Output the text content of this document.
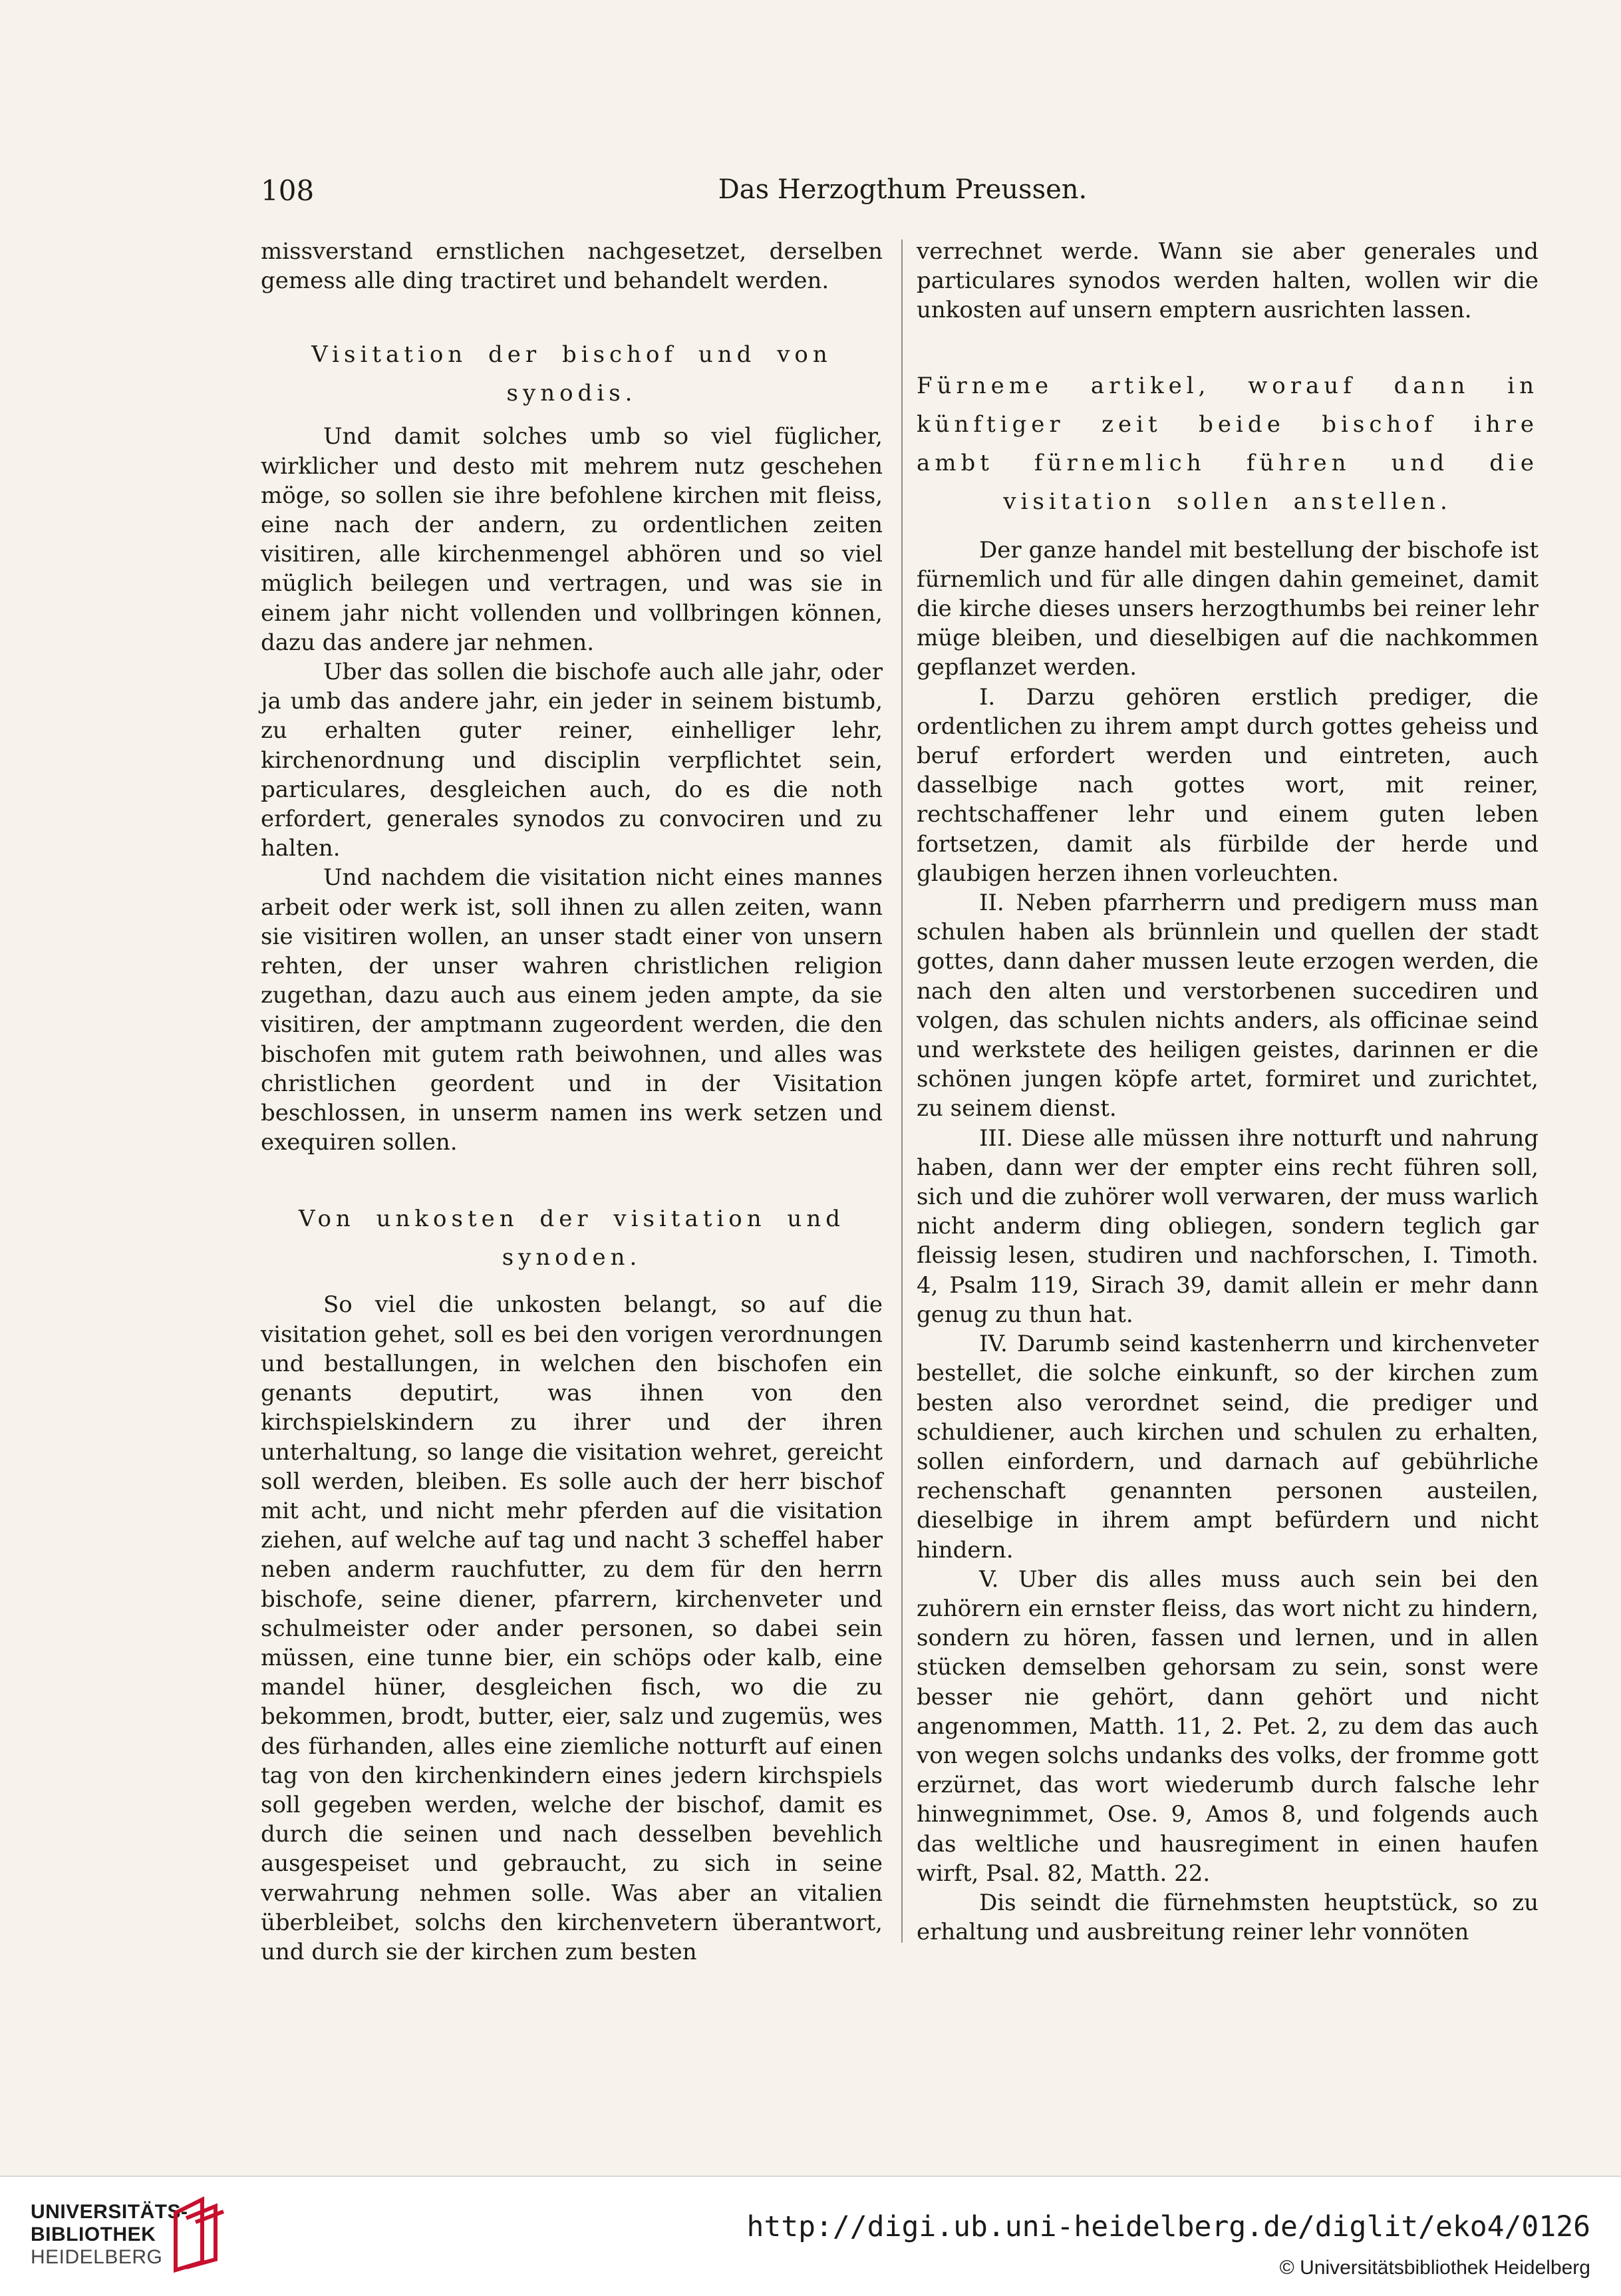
108	Das Herzogthum Preussen.

missverstand ernstlichen nachgesetzet, derselben gemess alle ding tractiret und behandelt werden.

Visitation der bischof und von synodis.

Und damit solches umb so viel füglicher, wirklicher und desto mit mehrem nutz geschehen möge, so sollen sie ihre befohlene kirchen mit fleiss, eine nach der andern, zu ordentlichen zeiten visitiren, alle kirchenmengel abhören und so viel müglich beilegen und vertragen, und was sie in einem jahr nicht vollenden und vollbringen können, dazu das andere jar nehmen.

Uber das sollen die bischofe auch alle jahr, oder ja umb das andere jahr, ein jeder in seinem bistumb, zu erhalten guter reiner, einhelliger lehr, kirchenordnung und disciplin verpflichtet sein, particulares, desgleichen auch, do es die noth erfordert, generales synodos zu convociren und zu halten.

Und nachdem die visitation nicht eines mannes arbeit oder werk ist, soll ihnen zu allen zeiten, wann sie visitiren wollen, an unser stadt einer von unsern rehten, der unser wahren christlichen religion zugethan, dazu auch aus einem jeden ampte, da sie visitiren, der amptmann zugeordent werden, die den bischofen mit gutem rath beiwohnen, und alles was christlichen geordent und in der Visitation beschlossen, in unserm namen ins werk setzen und exequiren sollen.

Von unkosten der visitation und synoden.

So viel die unkosten belangt, so auf die visitation gehet, soll es bei den vorigen verordnungen und bestallungen, in welchen den bischofen ein genants deputirt, was ihnen von den kirchspielskindern zu ihrer und der ihren unterhaltung, so lange die visitation wehret, gereicht soll werden, bleiben. Es solle auch der herr bischof mit acht, und nicht mehr pferden auf die visitation ziehen, auf welche auf tag und nacht 3 scheffel haber neben anderm rauchfutter, zu dem für den herrn bischofe, seine diener, pfarrern, kirchenveter und schulmeister oder ander personen, so dabei sein müssen, eine tunne bier, ein schöps oder kalb, eine mandel hüner, desgleichen fisch, wo die zu bekommen, brodt, butter, eier, salz und zugemüs, wes des fürhanden, alles eine ziemliche notturft auf einen tag von den kirchenkindern eines jedern kirchspiels soll gegeben werden, welche der bischof, damit es durch die seinen und nach desselben bevehlich ausgespeiset und gebraucht, zu sich in seine verwahrung nehmen solle. Was aber an vitalien überbleibet, solchs den kirchenvetern überantwort, und durch sie der kirchen zum besten

verrechnet werde. Wann sie aber generales und particulares synodos werden halten, wollen wir die unkosten auf unsern emptern ausrichten lassen.

Fürneme artikel, worauf dann in künftiger zeit beide bischof ihre ambt fürnemlich führen und die visitation sollen anstellen.

Der ganze handel mit bestellung der bischofe ist fürnemlich und für alle dingen dahin gemeinet, damit die kirche dieses unsers herzogthumbs bei reiner lehr müge bleiben, und dieselbigen auf die nachkommen gepflanzet werden.

I. Darzu gehören erstlich prediger, die ordentlichen zu ihrem ampt durch gottes geheiss und beruf erfordert werden und eintreten, auch dasselbige nach gottes wort, mit reiner, rechtschaffener lehr und einem guten leben fortsetzen, damit als fürbilde der herde und glaubigen herzen ihnen vorleuchten.

II. Neben pfarrherrn und predigern muss man schulen haben als brünnlein und quellen der stadt gottes, dann daher mussen leute erzogen werden, die nach den alten und verstorbenen succediren und volgen, das schulen nichts anders, als officinae seind und werkstete des heiligen geistes, darinnen er die schönen jungen köpfe artet, formiret und zurichtet, zu seinem dienst.

III. Diese alle müssen ihre notturft und nahrung haben, dann wer der empter eins recht führen soll, sich und die zuhörer woll verwaren, der muss warlich nicht anderm ding obliegen, sondern teglich gar fleissig lesen, studiren und nachforschen, I. Timoth. 4, Psalm 119, Sirach 39, damit allein er mehr dann genug zu thun hat.

IV. Darumb seind kastenherrn und kirchenveter bestellet, die solche einkunft, so der kirchen zum besten also verordnet seind, die prediger und schuldiener, auch kirchen und schulen zu erhalten, sollen einfordern, und darnach auf gebührliche rechenschaft genannten personen austeilen, dieselbige in ihrem ampt befürdern und nicht hindern.

V. Uber dis alles muss auch sein bei den zuhörern ein ernster fleiss, das wort nicht zu hindern, sondern zu hören, fassen und lernen, und in allen stücken demselben gehorsam zu sein, sonst were besser nie gehört, dann gehört und nicht angenommen, Matth. 11, 2. Pet. 2, zu dem das auch von wegen solchs undanks des volks, der fromme gott erzürnet, das wort wiederumb durch falsche lehr hinwegnimmet, Ose. 9, Amos 8, und folgends auch das weltliche und hausregiment in einen haufen wirft, Psal. 82, Matth. 22.

Dis seindt die fürnehmsten heuptstück, so zu erhaltung und ausbreitung reiner lehr vonnöten

UNIVERSITÄTS-
BIBLIOTHEK
HEIDELBERG
http://digi.ub.uni-heidelberg.de/diglit/eko4/0126
© Universitätsbibliothek Heidelberg
